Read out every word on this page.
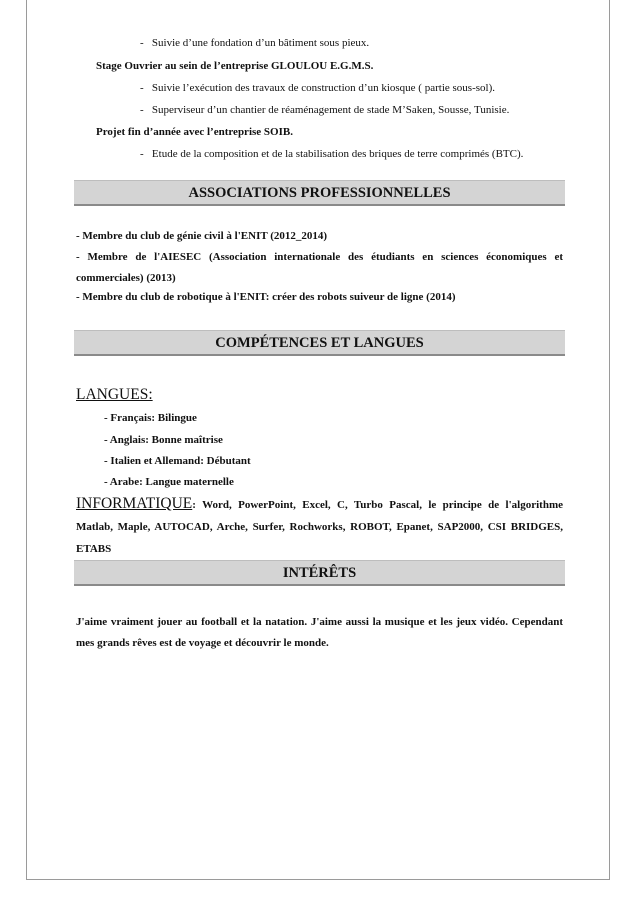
- Suivie d’une fondation d’un bâtiment sous pieux.
Stage Ouvrier au sein de l’entreprise GLOULOU E.G.M.S.
- Suivie l’exécution des travaux de construction d’un kiosque ( partie sous-sol).
- Superviseur d’un chantier de réaménagement de stade M’Saken, Sousse, Tunisie.
Projet fin d’année avec l’entreprise SOIB.
- Etude de la composition et de la stabilisation des briques de terre comprimés (BTC).
ASSOCIATIONS PROFESSIONNELLES
- Membre du club de génie civil à l'ENIT (2012_2014)
- Membre de l'AIESEC (Association internationale des étudiants en sciences économiques et commerciales) (2013)
- Membre du club de robotique à l'ENIT: créer des robots suiveur de ligne (2014)
COMPÉTENCES ET LANGUES
LANGUES:
- Français: Bilingue
- Anglais: Bonne maîtrise
- Italien et Allemand: Débutant
- Arabe: Langue maternelle
INFORMATIQUE: Word, PowerPoint, Excel, C, Turbo Pascal, le principe de l'algorithme Matlab, Maple, AUTOCAD, Arche, Surfer, Rochworks, ROBOT, Epanet, SAP2000, CSI BRIDGES, ETABS
INTÉRÊTS
J'aime vraiment jouer au football et la natation. J'aime aussi la musique et les jeux vidéo. Cependant mes grands rêves est de voyage et découvrir le monde.
